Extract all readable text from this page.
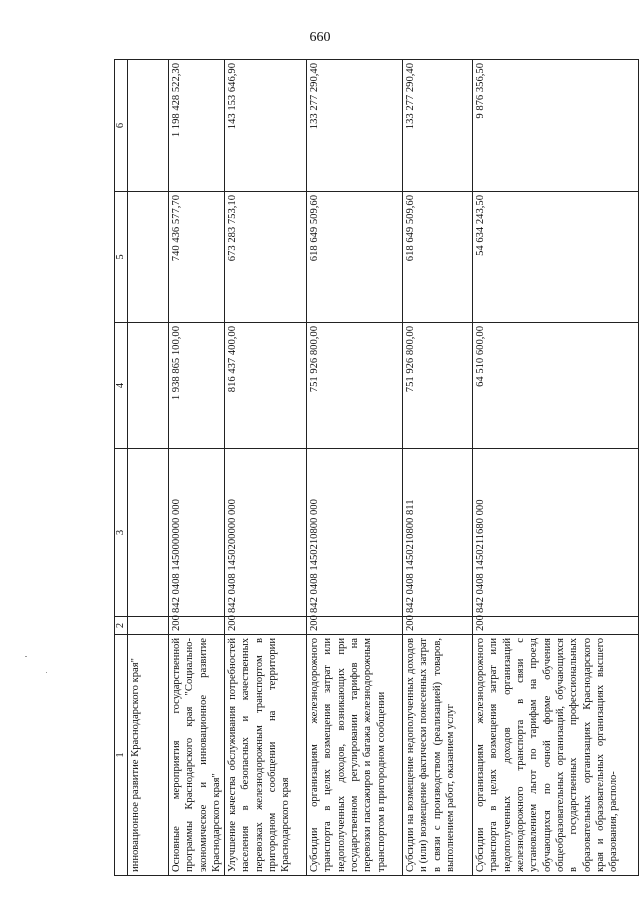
660
1	2	3	4	5	6
инновационное развитие Краснодарского края"					
Основные мероприятия государственной программы Краснодарского края "Социально-экономическое и инновационное развитие Краснодарского края"	200	842 0408 1450000000 000	1 938 865 100,00	740 436 577,70	1 198 428 522,30
Улучшение качества обслуживания потребностей населения в безопасных и качественных перевозках железнодорожным транспортом в пригородном сообщении на территории Краснодарского края	200	842 0408 1450200000 000	816 437 400,00	673 283 753,10	143 153 646,90
Субсидии организациям железнодорожного транспорта в целях возмещения затрат или недополученных доходов, возникающих при государственном регулировании тарифов на перевозки пассажиров и багажа железнодорожным транспортом в пригородном сообщении	200	842 0408 1450210800 000	751 926 800,00	618 649 509,60	133 277 290,40
Субсидии на возмещение недополученных доходов и (или) возмещение фактически понесенных затрат в связи с производством (реализацией) товаров, выполнением работ, оказанием услуг	200	842 0408 1450210800 811	751 926 800,00	618 649 509,60	133 277 290,40
Субсидии организациям железнодорожного транспорта в целях возмещения затрат или недополученных доходов организаций железнодорожного транспорта в связи с установлением льгот по тарифам на проезд обучающихся по очной форме обучения общеобразовательных организаций, обучающихся в государственных профессиональных образовательных организациях Краснодарского края и образовательных организациях высшего образования, располо-	200	842 0408 1450211680 000	64 510 600,00	54 634 243,50	9 876 356,50
